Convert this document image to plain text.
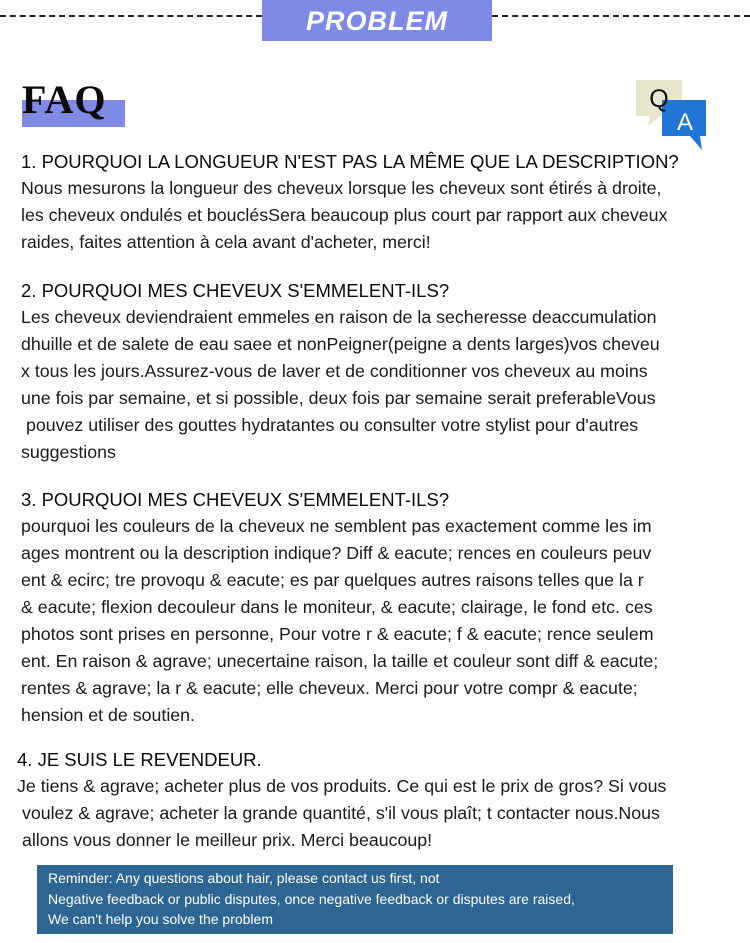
PROBLEM
FAQ	Q
A
1. POURQUOI LA LONGUEUR N'EST PAS LA MÊME QUE LA DESCRIPTION?

Nous mesurons la longueur des cheveux lorsque les cheveux sont étirés à droite,
les cheveux ondulés et bouclésSera beaucoup plus court par rapport aux cheveux
raides, faites attention à cela avant d'acheter, merci!

2. POURQUOI MES CHEVEUX S'EMMELENT-ILS?

Les cheveux deviendraient emmeles en raison de la secheresse deaccumulation
dhuille et de salete de eau saee et nonPeigner(peigne a dents larges)vos cheveu
x tous les jours.Assurez-vous de laver et de conditionner vos cheveux au moins
une fois par semaine, et si possible, deux fois par semaine serait preferableVous
pouvez utiliser des gouttes hydratantes ou consulter votre stylist pour d'autres
suggestions

3. POURQUOI MES CHEVEUX S'EMMELENT-ILS?

pourquoi les couleurs de la cheveux ne semblent pas exactement comme les im
ages montrent ou la description indique? Diff & eacute; rences en couleurs peuv
ent & ecirc; tre provoqu & eacute; es par quelques autres raisons telles que la r
& eacute; flexion decouleur dans le moniteur, & eacute; clairage, le fond etc. ces
photos sont prises en personne, Pour votre r & eacute; f & eacute; rence seulem
ent. En raison & agrave; unecertaine raison, la taille et couleur sont diff & eacute;
rentes & agrave; la r & eacute; elle cheveux. Merci pour votre compr & eacute;
hension et de soutien.

4. JE SUIS LE REVENDEUR.

Je tiens & agrave; acheter plus de vos produits. Ce qui est le prix de gros? Si vous
voulez & agrave; acheter la grande quantité, s'il vous plaît; t contacter nous.Nous
allons vous donner le meilleur prix. Merci beaucoup!

Reminder: Any questions about hair, please contact us first, not
Negative feedback or public disputes, once negative feedback or disputes are raised,
We can't help you solve the problem
